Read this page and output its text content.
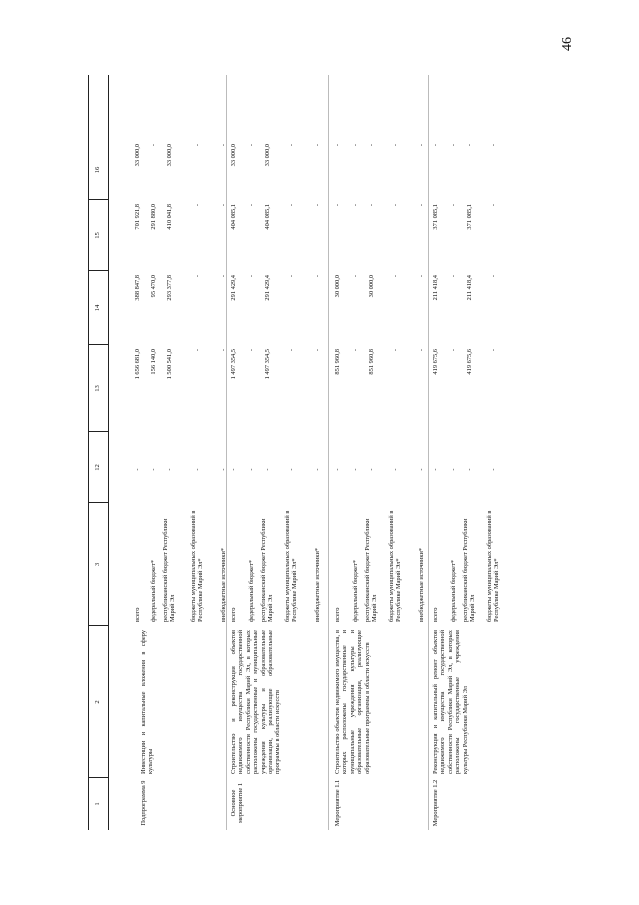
46
1
2
3
12
13
14
15
16
Подпрограмма 9
Инвестиции и капитальные вложения в сферу культуры
всего
-
1 656 681,0
388 847,8
701 921,8
33 000,0
федеральный бюджет*
-
156 140,0
95 470,0
291 880,0
-
республиканский бюджет Республики Марий Эл
-
1 500 541,0
293 377,8
410 041,8
33 000,0
бюджеты муниципальных образований в Республике Марий Эл*
-
-
-
-
-
внебюджетные источники*
-
-
-
-
-
Основное мероприятие 1
Строительство и реконструкция объектов недвижимого имущества государственной собственности Республики Марий Эл, в которых расположены государственные и муниципальные учреждения культуры и образовательные организации, реализующие образовательные программы в области искусств
всего
-
1 497 354,5
291 429,4
404 085,1
33 000,0
федеральный бюджет*
-
-
-
-
-
республиканский бюджет Республики Марий Эл
-
1 497 354,5
291 429,4
404 085,1
33 000,0
бюджеты муниципальных образований в Республике Марий Эл*
-
-
-
-
-
внебюджетные источники*
-
-
-
-
-
Мероприятие 1.1
Строительство объектов недвижимого имущества, в которых расположены государственные и муниципальные учреждения культуры и образовательные организации, реализующие образовательные программы в области искусств
всего
-
851 960,8
30 000,0
-
-
федеральный бюджет*
-
-
-
-
-
республиканский бюджет Республики Марий Эл
-
851 960,8
30 000,0
-
-
бюджеты муниципальных образований в Республике Марий Эл*
-
-
-
-
-
внебюджетные источники*
-
-
-
-
-
Мероприятие 1.2
Реконструкция и капитальный ремонт объектов недвижимого имущества государственной собственности Республики Марий Эл, в которых расположены государственные учреждения культуры Республики Марий Эл
всего
-
419 675,6
211 418,4
371 085,1
-
федеральный бюджет*
-
-
-
-
-
республиканский бюджет Республики Марий Эл
-
419 675,6
211 418,4
371 085,1
-
бюджеты муниципальных образований в Республике Марий Эл*
-
-
-
-
-
